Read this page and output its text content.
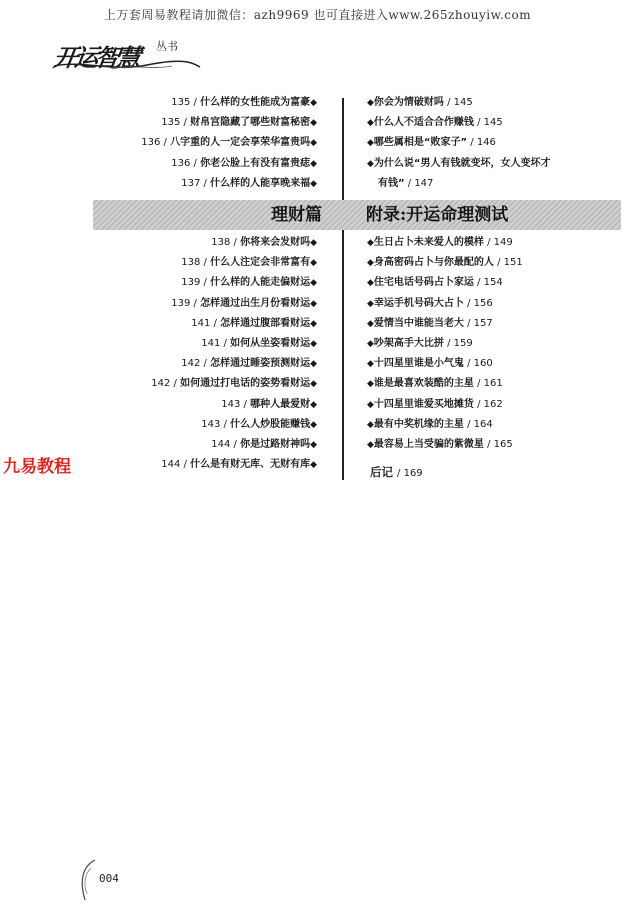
上万套周易教程请加微信：azh9969 也可直接进入www.265zhouyiw.com
开运智慧 丛书
135 / 什么样的女性能成为富豪◆
135 / 财帛宫隐藏了哪些财富秘密◆
136 / 八字重的人一定会享荣华富贵吗◆
136 / 你老公脸上有没有富贵痣◆
137 / 什么样的人能享晚来福◆
◆你会为情破财吗 / 145
◆什么人不适合合作赚钱 / 145
◆哪些属相是“败家子” / 146
◆为什么说“男人有钱就变坏，女人变坏才
有钱” / 147
理财篇	附录:开运命理测试
138 / 你将来会发财吗◆
138 / 什么人注定会非常富有◆
139 / 什么样的人能走偏财运◆
139 / 怎样通过出生月份看财运◆
141 / 怎样通过腹部看财运◆
141 / 如何从坐姿看财运◆
142 / 怎样通过睡姿预测财运◆
142 / 如何通过打电话的姿势看财运◆
143 / 哪种人最爱财◆
143 / 什么人炒股能赚钱◆
144 / 你是过路财神吗◆
144 / 什么是有财无库、无财有库◆
◆生日占卜未来爱人的模样 / 149
◆身高密码占卜与你最配的人 / 151
◆住宅电话号码占卜家运 / 154
◆幸运手机号码大占卜 / 156
◆爱情当中谁能当老大 / 157
◆吵架高手大比拼 / 159
◆十四星里谁是小气鬼 / 160
◆谁是最喜欢装酷的主星 / 161
◆十四星里谁爱买地摊货 / 162
◆最有中奖机缘的主星 / 164
◆最容易上当受骗的紫微星 / 165
后记 / 169
九易教程
004
